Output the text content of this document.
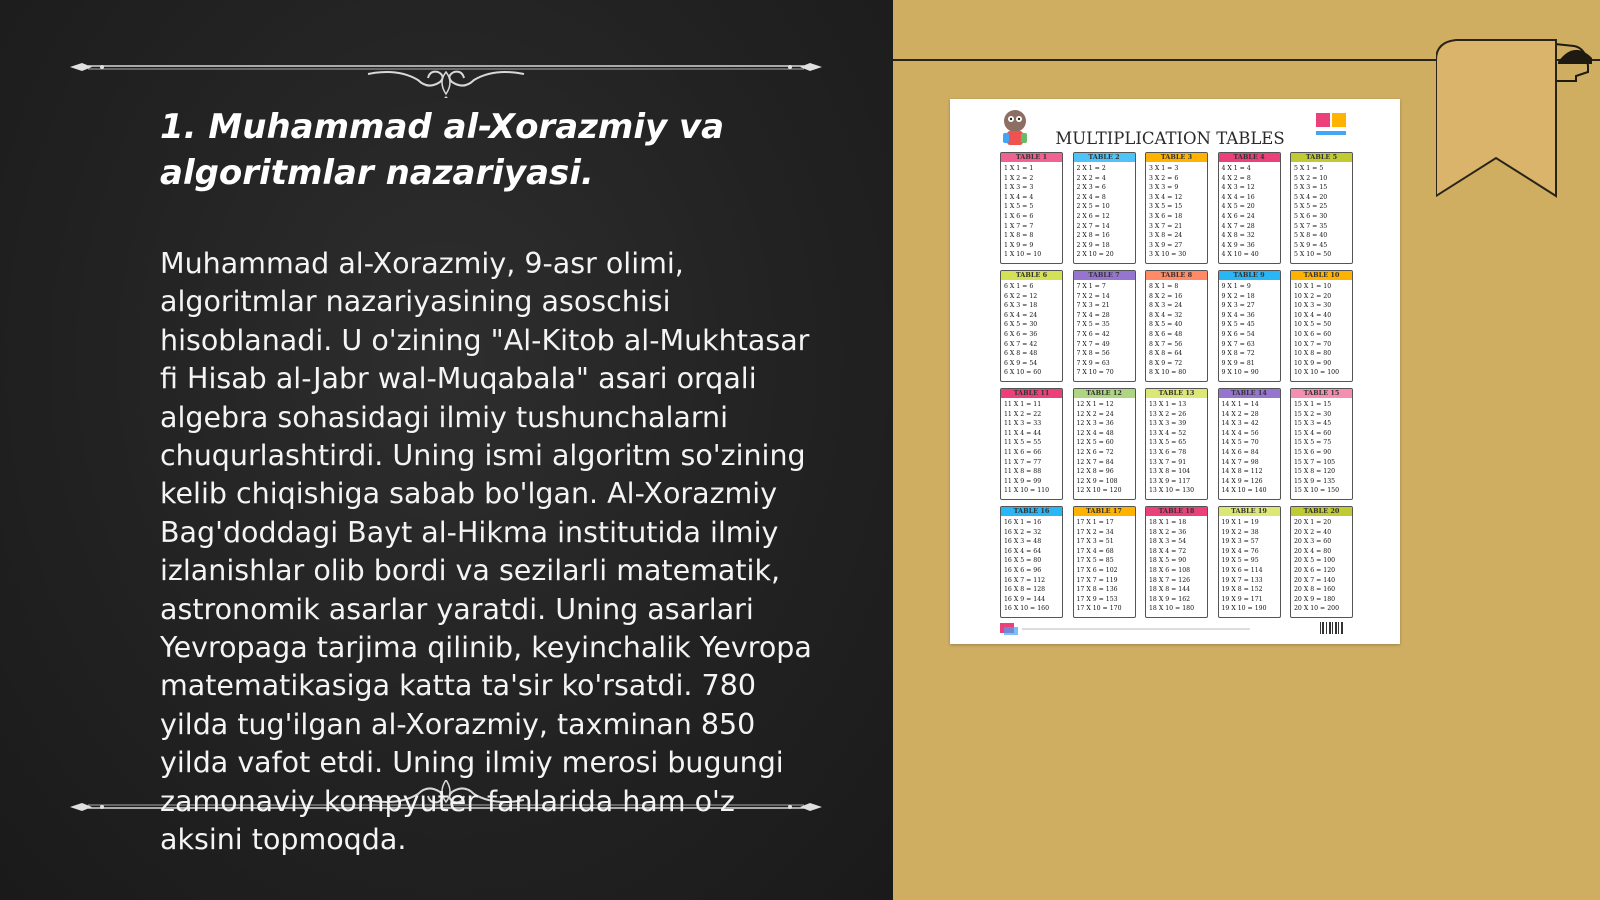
1. Muhammad al-Xorazmiy va algoritmlar nazariyasi.

Muhammad al-Xorazmiy, 9-asr olimi, algoritmlar nazariyasining asoschisi hisoblanadi. U o'zining "Al-Kitob al-Mukhtasar fi Hisab al-Jabr wal-Muqabala" asari orqali algebra sohasidagi ilmiy tushunchalarni chuqurlashtirdi. Uning ismi algoritm so'zining kelib chiqishiga sabab bo'lgan. Al-Xorazmiy Bag'doddagi Bayt al-Hikma institutida ilmiy izlanishlar olib bordi va sezilarli matematik, astronomik asarlar yaratdi. Uning asarlari Yevropaga tarjima qilinib, keyinchalik Yevropa matematikasiga katta ta'sir ko'rsatdi. 780 yilda tug'ilgan al-Xorazmiy, taxminan 850 yilda vafot etdi. Uning ilmiy merosi bugungi zamonaviy kompyuter fanlarida ham o'z aksini topmoqda.

MULTIPLICATION TABLES
TABLE 1
1 X 1 = 1
1 X 2 = 2
1 X 3 = 3
1 X 4 = 4
1 X 5 = 5
1 X 6 = 6
1 X 7 = 7
1 X 8 = 8
1 X 9 = 9
1 X 10 = 10
TABLE 2
2 X 1 = 2
2 X 2 = 4
2 X 3 = 6
2 X 4 = 8
2 X 5 = 10
2 X 6 = 12
2 X 7 = 14
2 X 8 = 16
2 X 9 = 18
2 X 10 = 20
TABLE 3
3 X 1 = 3
3 X 2 = 6
3 X 3 = 9
3 X 4 = 12
3 X 5 = 15
3 X 6 = 18
3 X 7 = 21
3 X 8 = 24
3 X 9 = 27
3 X 10 = 30
TABLE 4
4 X 1 = 4
4 X 2 = 8
4 X 3 = 12
4 X 4 = 16
4 X 5 = 20
4 X 6 = 24
4 X 7 = 28
4 X 8 = 32
4 X 9 = 36
4 X 10 = 40
TABLE 5
5 X 1 = 5
5 X 2 = 10
5 X 3 = 15
5 X 4 = 20
5 X 5 = 25
5 X 6 = 30
5 X 7 = 35
5 X 8 = 40
5 X 9 = 45
5 X 10 = 50
TABLE 6
6 X 1 = 6
6 X 2 = 12
6 X 3 = 18
6 X 4 = 24
6 X 5 = 30
6 X 6 = 36
6 X 7 = 42
6 X 8 = 48
6 X 9 = 54
6 X 10 = 60
TABLE 7
7 X 1 = 7
7 X 2 = 14
7 X 3 = 21
7 X 4 = 28
7 X 5 = 35
7 X 6 = 42
7 X 7 = 49
7 X 8 = 56
7 X 9 = 63
7 X 10 = 70
TABLE 8
8 X 1 = 8
8 X 2 = 16
8 X 3 = 24
8 X 4 = 32
8 X 5 = 40
8 X 6 = 48
8 X 7 = 56
8 X 8 = 64
8 X 9 = 72
8 X 10 = 80
TABLE 9
9 X 1 = 9
9 X 2 = 18
9 X 3 = 27
9 X 4 = 36
9 X 5 = 45
9 X 6 = 54
9 X 7 = 63
9 X 8 = 72
9 X 9 = 81
9 X 10 = 90
TABLE 10
10 X 1 = 10
10 X 2 = 20
10 X 3 = 30
10 X 4 = 40
10 X 5 = 50
10 X 6 = 60
10 X 7 = 70
10 X 8 = 80
10 X 9 = 90
10 X 10 = 100
TABLE 11
11 X 1 = 11
11 X 2 = 22
11 X 3 = 33
11 X 4 = 44
11 X 5 = 55
11 X 6 = 66
11 X 7 = 77
11 X 8 = 88
11 X 9 = 99
11 X 10 = 110
TABLE 12
12 X 1 = 12
12 X 2 = 24
12 X 3 = 36
12 X 4 = 48
12 X 5 = 60
12 X 6 = 72
12 X 7 = 84
12 X 8 = 96
12 X 9 = 108
12 X 10 = 120
TABLE 13
13 X 1 = 13
13 X 2 = 26
13 X 3 = 39
13 X 4 = 52
13 X 5 = 65
13 X 6 = 78
13 X 7 = 91
13 X 8 = 104
13 X 9 = 117
13 X 10 = 130
TABLE 14
14 X 1 = 14
14 X 2 = 28
14 X 3 = 42
14 X 4 = 56
14 X 5 = 70
14 X 6 = 84
14 X 7 = 98
14 X 8 = 112
14 X 9 = 126
14 X 10 = 140
TABLE 15
15 X 1 = 15
15 X 2 = 30
15 X 3 = 45
15 X 4 = 60
15 X 5 = 75
15 X 6 = 90
15 X 7 = 105
15 X 8 = 120
15 X 9 = 135
15 X 10 = 150
TABLE 16
16 X 1 = 16
16 X 2 = 32
16 X 3 = 48
16 X 4 = 64
16 X 5 = 80
16 X 6 = 96
16 X 7 = 112
16 X 8 = 128
16 X 9 = 144
16 X 10 = 160
TABLE 17
17 X 1 = 17
17 X 2 = 34
17 X 3 = 51
17 X 4 = 68
17 X 5 = 85
17 X 6 = 102
17 X 7 = 119
17 X 8 = 136
17 X 9 = 153
17 X 10 = 170
TABLE 18
18 X 1 = 18
18 X 2 = 36
18 X 3 = 54
18 X 4 = 72
18 X 5 = 90
18 X 6 = 108
18 X 7 = 126
18 X 8 = 144
18 X 9 = 162
18 X 10 = 180
TABLE 19
19 X 1 = 19
19 X 2 = 38
19 X 3 = 57
19 X 4 = 76
19 X 5 = 95
19 X 6 = 114
19 X 7 = 133
19 X 8 = 152
19 X 9 = 171
19 X 10 = 190
TABLE 20
20 X 1 = 20
20 X 2 = 40
20 X 3 = 60
20 X 4 = 80
20 X 5 = 100
20 X 6 = 120
20 X 7 = 140
20 X 8 = 160
20 X 9 = 180
20 X 10 = 200
